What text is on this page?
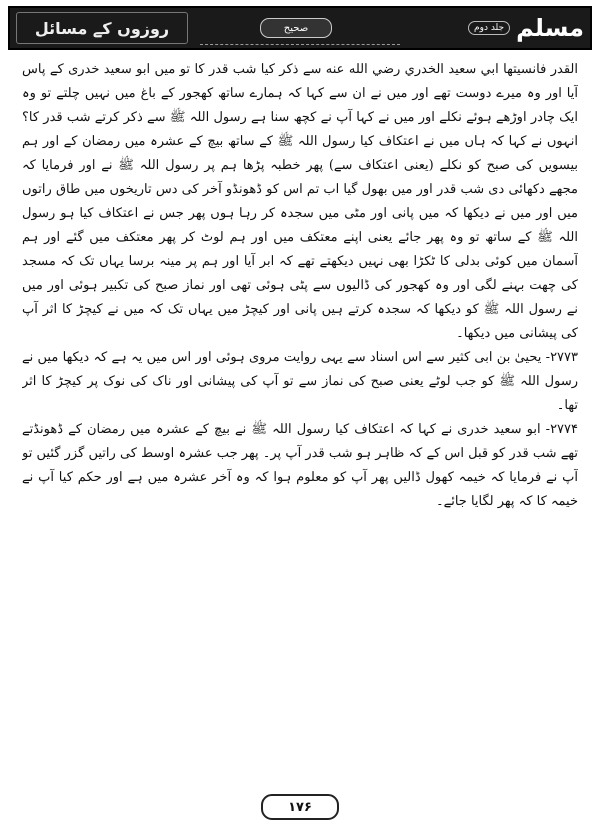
روزوں کے مسائل	صحیح	جلد دوم مسلم

القدر فانسيتها ابي سعيد الخدري رضي الله عنه سے ذکر کیا شب قدر کا تو میں ابو سعید خدری کے پاس آیا اور وہ میرے دوست تھے اور میں نے ان سے کہا کہ ہمارے ساتھ کھجور کے باغ میں نہیں چلتے تو وہ ایک چادر اوڑھے ہوئے نکلے اور میں نے کہا آپ نے کچھ سنا ہے رسول اللہ ﷺ سے ذکر کرتے شب قدر کا؟ انہوں نے کہا کہ ہاں میں نے اعتکاف کیا رسول اللہ ﷺ کے ساتھ بیچ کے عشرہ میں رمضان کے اور ہم بیسویں کی صبح کو نکلے (یعنی اعتکاف سے) پھر خطبہ پڑھا ہم پر رسول اللہ ﷺ نے اور فرمایا کہ مجھے دکھائی دی شب قدر اور میں بھول گیا اب تم اس کو ڈھونڈو آخر کی دس تاریخوں میں طاق راتوں میں اور میں نے دیکھا کہ میں پانی اور مٹی میں سجدہ کر رہا ہوں پھر جس نے اعتکاف کیا ہو رسول اللہ ﷺ کے ساتھ تو وہ پھر جائے یعنی اپنے معتکف میں اور ہم لوٹ کر پھر معتکف میں گئے اور ہم آسمان میں کوئی بدلی کا ٹکڑا بھی نہیں دیکھتے تھے کہ ابر آیا اور ہم پر مینہ برسا یہاں تک کہ مسجد کی چھت بہنے لگی اور وہ کھجور کی ڈالیوں سے پٹی ہوئی تھی اور نماز صبح کی تکبیر ہوئی اور میں نے رسول اللہ ﷺ کو دیکھا کہ سجدہ کرتے ہیں پانی اور کیچڑ میں یہاں تک کہ میں نے کیچڑ کا اثر آپ کی پیشانی میں دیکھا۔

۲۷۷۳- یحییٰ بن ابی کثیر سے اس اسناد سے یہی روایت مروی ہوئی اور اس میں یہ ہے کہ دیکھا میں نے رسول اللہ ﷺ کو جب لوٹے یعنی صبح کی نماز سے تو آپ کی پیشانی اور ناک کی نوک پر کیچڑ کا اثر تھا۔

۲۷۷۴- ابو سعید خدری نے کہا کہ اعتکاف کیا رسول اللہ ﷺ نے بیچ کے عشرہ میں رمضان کے ڈھونڈتے تھے شب قدر کو قبل اس کے کہ ظاہر ہو شب قدر آپ پر۔ پھر جب عشرہ اوسط کی راتیں گزر گئیں تو آپ نے فرمایا کہ خیمہ کھول ڈالیں پھر آپ کو معلوم ہوا کہ وہ آخر عشرہ میں ہے اور حکم کیا آپ نے خیمہ کا کہ پھر لگایا جائے۔

۱۷۶
